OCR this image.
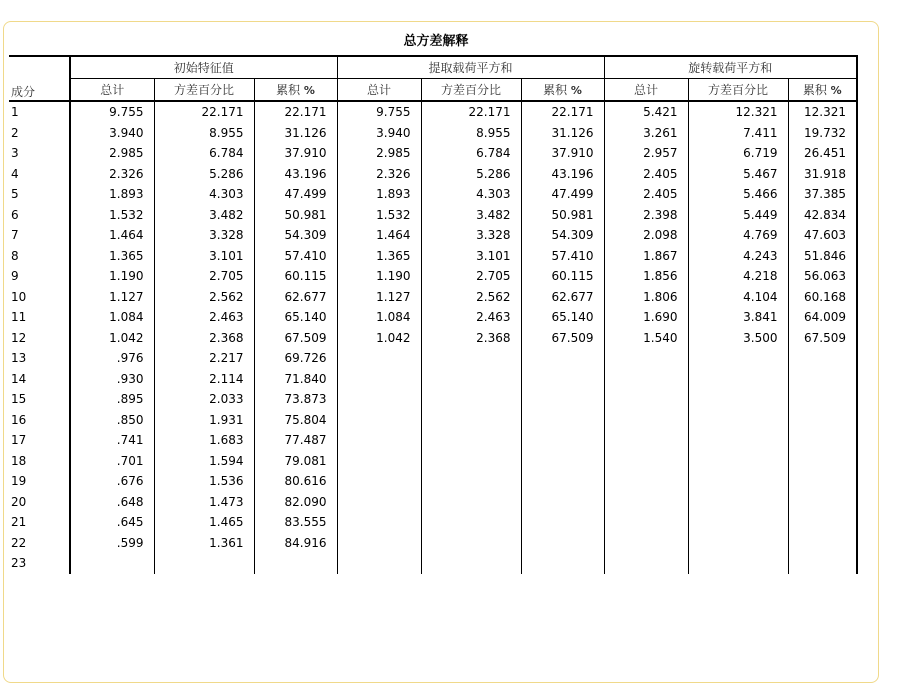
总方差解释
	初始特征值			提取载荷平方和			旋转载荷平方和		
成分	总计	方差百分比	累积 %	总计	方差百分比	累积 %	总计	方差百分比	累积 %
1	9.755	22.171	22.171	9.755	22.171	22.171	5.421	12.321	12.321
2	3.940	8.955	31.126	3.940	8.955	31.126	3.261	7.411	19.732
3	2.985	6.784	37.910	2.985	6.784	37.910	2.957	6.719	26.451
4	2.326	5.286	43.196	2.326	5.286	43.196	2.405	5.467	31.918
5	1.893	4.303	47.499	1.893	4.303	47.499	2.405	5.466	37.385
6	1.532	3.482	50.981	1.532	3.482	50.981	2.398	5.449	42.834
7	1.464	3.328	54.309	1.464	3.328	54.309	2.098	4.769	47.603
8	1.365	3.101	57.410	1.365	3.101	57.410	1.867	4.243	51.846
9	1.190	2.705	60.115	1.190	2.705	60.115	1.856	4.218	56.063
10	1.127	2.562	62.677	1.127	2.562	62.677	1.806	4.104	60.168
11	1.084	2.463	65.140	1.084	2.463	65.140	1.690	3.841	64.009
12	1.042	2.368	67.509	1.042	2.368	67.509	1.540	3.500	67.509
13	.976	2.217	69.726						
14	.930	2.114	71.840						
15	.895	2.033	73.873						
16	.850	1.931	75.804						
17	.741	1.683	77.487						
18	.701	1.594	79.081						
19	.676	1.536	80.616						
20	.648	1.473	82.090						
21	.645	1.465	83.555						
22	.599	1.361	84.916						
23									
